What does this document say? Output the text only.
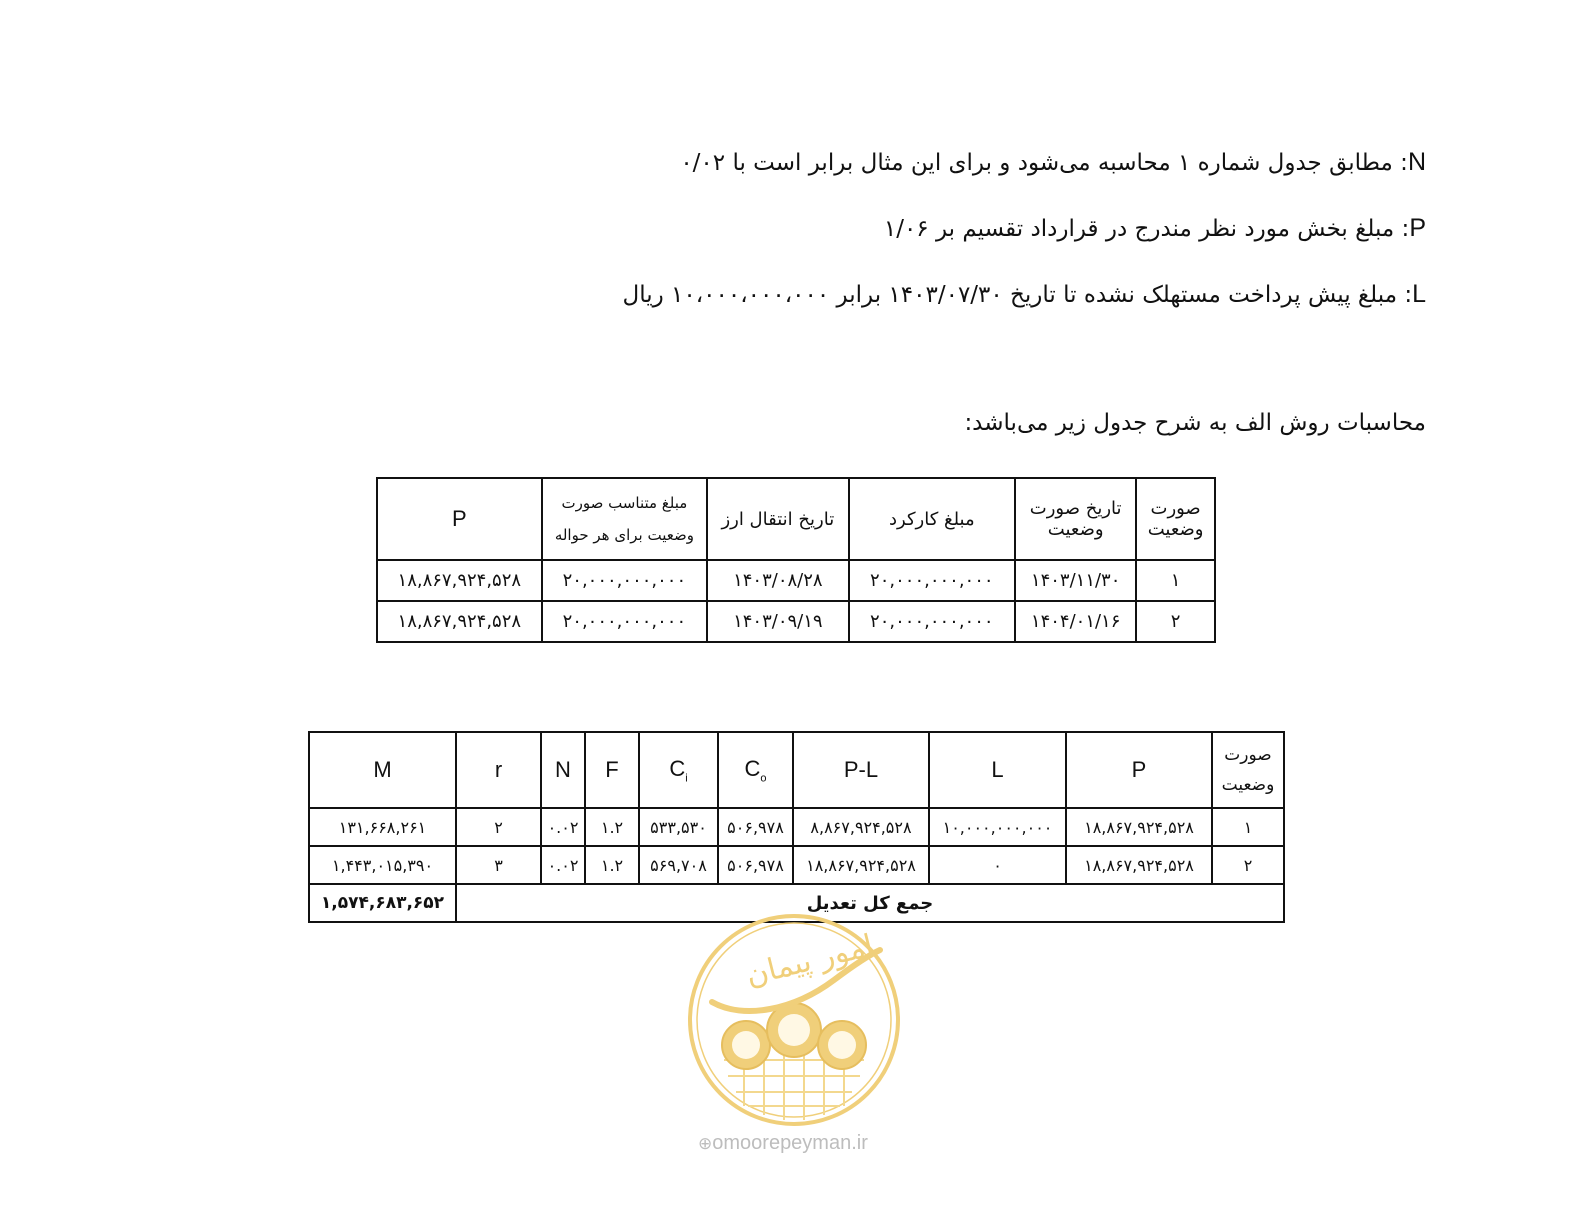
N: مطابق جدول شماره ۱ محاسبه می‌شود و برای این مثال برابر است با ۰/۰۲
P: مبلغ بخش مورد نظر مندرج در قرارداد تقسیم بر ۱/۰۶
L: مبلغ پیش پرداخت مستهلک نشده تا تاریخ ۱۴۰۳/۰۷/۳۰ برابر ۱۰،۰۰۰،۰۰۰،۰۰۰ ریال
محاسبات روش الف به شرح جدول زیر می‌باشد:
صورت وضعیت	تاریخ صورت وضعیت	مبلغ کارکرد	تاریخ انتقال ارز	مبلغ متناسب صورت وضعیت برای هر حواله	P
۱	۱۴۰۳/۱۱/۳۰	۲۰,۰۰۰,۰۰۰,۰۰۰	۱۴۰۳/۰۸/۲۸	۲۰,۰۰۰,۰۰۰,۰۰۰	۱۸,۸۶۷,۹۲۴,۵۲۸
۲	۱۴۰۴/۰۱/۱۶	۲۰,۰۰۰,۰۰۰,۰۰۰	۱۴۰۳/۰۹/۱۹	۲۰,۰۰۰,۰۰۰,۰۰۰	۱۸,۸۶۷,۹۲۴,۵۲۸
صورت وضعیت	P	L	P-L	$C_o$	$C_i$	F	N	r	M
۱	۱۸,۸۶۷,۹۲۴,۵۲۸	۱۰,۰۰۰,۰۰۰,۰۰۰	۸,۸۶۷,۹۲۴,۵۲۸	۵۰۶,۹۷۸	۵۳۳,۵۳۰	۱.۲	۰.۰۲	۲	۱۳۱,۶۶۸,۲۶۱
۲	۱۸,۸۶۷,۹۲۴,۵۲۸	۰	۱۸,۸۶۷,۹۲۴,۵۲۸	۵۰۶,۹۷۸	۵۶۹,۷۰۸	۱.۲	۰.۰۲	۳	۱,۴۴۳,۰۱۵,۳۹۰
جمع کل تعدیل									۱,۵۷۴,۶۸۳,۶۵۲
امور پیمان
⊕omoorepeyman.ir
